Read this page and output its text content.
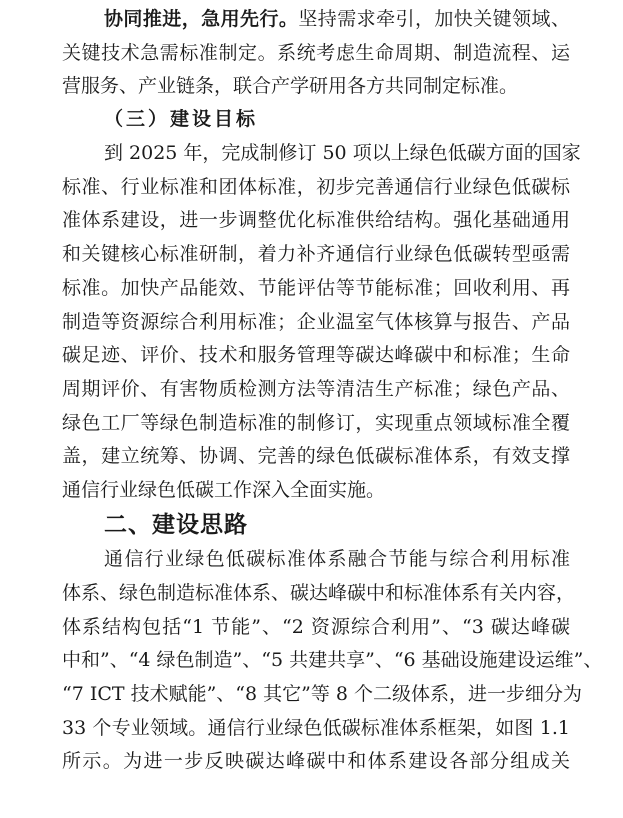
协同推进，急用先行。坚持需求牵引，加快关键领域、
关键技术急需标准制定。系统考虑生命周期、制造流程、运
营服务、产业链条，联合产学研用各方共同制定标准。
（三）建设目标
到 2025 年，完成制修订 50 项以上绿色低碳方面的国家
标准、行业标准和团体标准，初步完善通信行业绿色低碳标
准体系建设，进一步调整优化标准供给结构。强化基础通用
和关键核心标准研制，着力补齐通信行业绿色低碳转型亟需
标准。加快产品能效、节能评估等节能标准；回收利用、再
制造等资源综合利用标准；企业温室气体核算与报告、产品
碳足迹、评价、技术和服务管理等碳达峰碳中和标准；生命
周期评价、有害物质检测方法等清洁生产标准；绿色产品、
绿色工厂等绿色制造标准的制修订，实现重点领域标准全覆
盖，建立统筹、协调、完善的绿色低碳标准体系，有效支撑
通信行业绿色低碳工作深入全面实施。
二、建设思路
通信行业绿色低碳标准体系融合节能与综合利用标准
体系、绿色制造标准体系、碳达峰碳中和标准体系有关内容，
体系结构包括“1 节能”、“2 资源综合利用”、“3 碳达峰碳
中和”、“4 绿色制造”、“5 共建共享”、“6 基础设施建设运维”、
“7 ICT 技术赋能”、“8 其它”等 8 个二级体系，进一步细分为
33 个专业领域。通信行业绿色低碳标准体系框架，如图 1.1
所示。为进一步反映碳达峰碳中和体系建设各部分组成关
